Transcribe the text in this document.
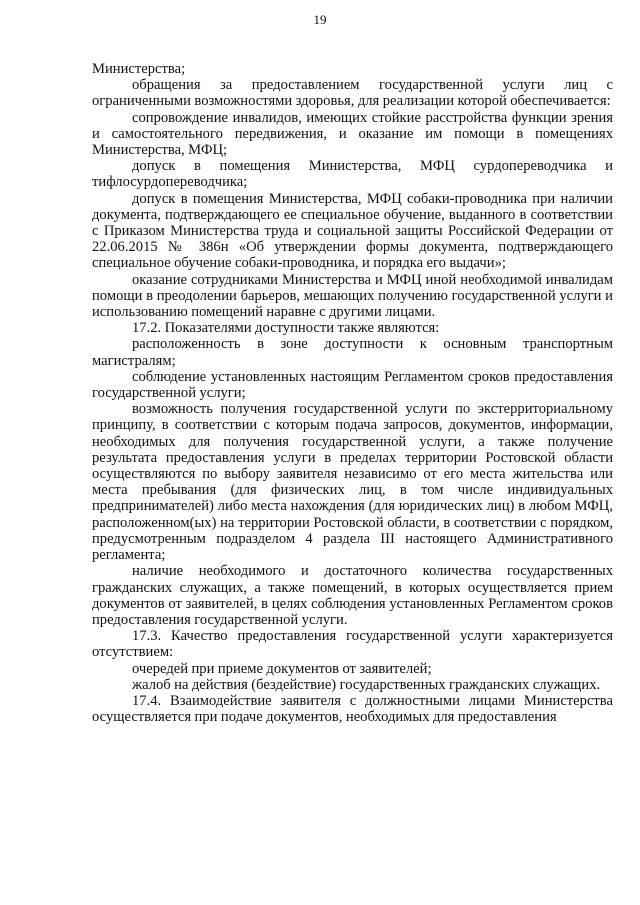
19

Министерства;

обращения за предоставлением государственной услуги лиц с ограниченными возможностями здоровья, для реализации которой обеспечивается:

сопровождение инвалидов, имеющих стойкие расстройства функции зрения и самостоятельного передвижения, и оказание им помощи в помещениях Министерства, МФЦ;

допуск в помещения Министерства, МФЦ сурдопереводчика и тифлосурдопереводчика;

допуск в помещения Министерства, МФЦ собаки-проводника при наличии документа, подтверждающего ее специальное обучение, выданного в соответствии с Приказом Министерства труда и социальной защиты Российской Федерации от 22.06.2015 № 386н «Об утверждении формы документа, подтверждающего специальное обучение собаки-проводника, и порядка его выдачи»;

оказание сотрудниками Министерства и МФЦ иной необходимой инвалидам помощи в преодолении барьеров, мешающих получению государственной услуги и использованию помещений наравне с другими лицами.

17.2. Показателями доступности также являются:

расположенность в зоне доступности к основным транспортным магистралям;

соблюдение установленных настоящим Регламентом сроков предоставления государственной услуги;

возможность получения государственной услуги по экстерриториальному принципу, в соответствии с которым подача запросов, документов, информации, необходимых для получения государственной услуги, а также получение результата предоставления услуги в пределах территории Ростовской области осуществляются по выбору заявителя независимо от его места жительства или места пребывания (для физических лиц, в том числе индивидуальных предпринимателей) либо места нахождения (для юридических лиц) в любом МФЦ, расположенном(ых) на территории Ростовской области, в соответствии с порядком, предусмотренным подразделом 4 раздела III настоящего Административного регламента;

наличие необходимого и достаточного количества государственных гражданских служащих, а также помещений, в которых осуществляется прием документов от заявителей, в целях соблюдения установленных Регламентом сроков предоставления государственной услуги.

17.3. Качество предоставления государственной услуги характеризуется отсутствием:

очередей при приеме документов от заявителей;

жалоб на действия (бездействие) государственных гражданских служащих.

17.4. Взаимодействие заявителя с должностными лицами Министерства осуществляется при подаче документов, необходимых для предоставления
